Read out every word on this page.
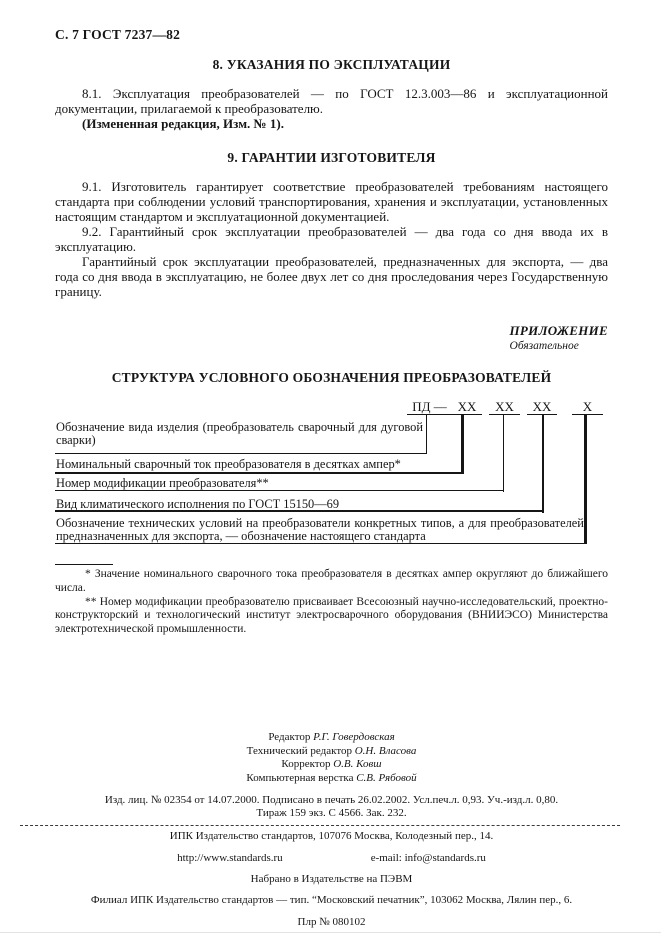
С. 7 ГОСТ 7237—82
8. УКАЗАНИЯ ПО ЭКСПЛУАТАЦИИ
8.1. Эксплуатация преобразователей — по ГОСТ 12.3.003—86 и эксплуатационной документации, прилагаемой к преобразователю.
(Измененная редакция, Изм. № 1).
9. ГАРАНТИИ ИЗГОТОВИТЕЛЯ
9.1. Изготовитель гарантирует соответствие преобразователей требованиям настоящего стандарта при соблюдении условий транспортирования, хранения и эксплуатации, установленных настоящим стандартом и эксплуатационной документацией.
9.2. Гарантийный срок эксплуатации преобразователей — два года со дня ввода их в эксплуатацию.
Гарантийный срок эксплуатации преобразователей, предназначенных для экспорта, — два года со дня ввода в эксплуатацию, не более двух лет со дня проследования через Государственную границу.
ПРИЛОЖЕНИЕ
Обязательное
СТРУКТУРА УСЛОВНОГО ОБОЗНАЧЕНИЯ ПРЕОБРАЗОВАТЕЛЕЙ
ПД — ХХ	ХХ	ХХ	Х
Обозначение вида изделия (преобразователь сварочный для дуговой сварки)
Номинальный сварочный ток преобразователя в десятках ампер*
Номер модификации преобразователя**
Вид климатического исполнения по ГОСТ 15150—69
Обозначение технических условий на преобразователи конкретных типов, а для преобразователей, предназначенных для экспорта, — обозначение настоящего стандарта
* Значение номинального сварочного тока преобразователя в десятках ампер округляют до ближайшего числа.
** Номер модификации преобразователю присваивает Всесоюзный научно-исследовательский, проектно-конструкторский и технологический институт электросварочного оборудования (ВНИИЭСО) Министерства электротехнической промышленности.
Редактор Р.Г. Говердовская
Технический редактор О.Н. Власова
Корректор О.В. Ковш
Компьютерная верстка С.В. Рябовой
Изд. лиц. № 02354 от 14.07.2000. Подписано в печать 26.02.2002. Усл.печ.л. 0,93. Уч.-изд.л. 0,80.
Тираж 159 экз. С 4566. Зак. 232.
ИПК Издательство стандартов, 107076 Москва, Колодезный пер., 14.
http://www.standards.ru	e-mail: info@standards.ru
Набрано в Издательстве на ПЭВМ
Филиал ИПК Издательство стандартов — тип. “Московский печатник”, 103062 Москва, Лялин пер., 6.
Плр № 080102
